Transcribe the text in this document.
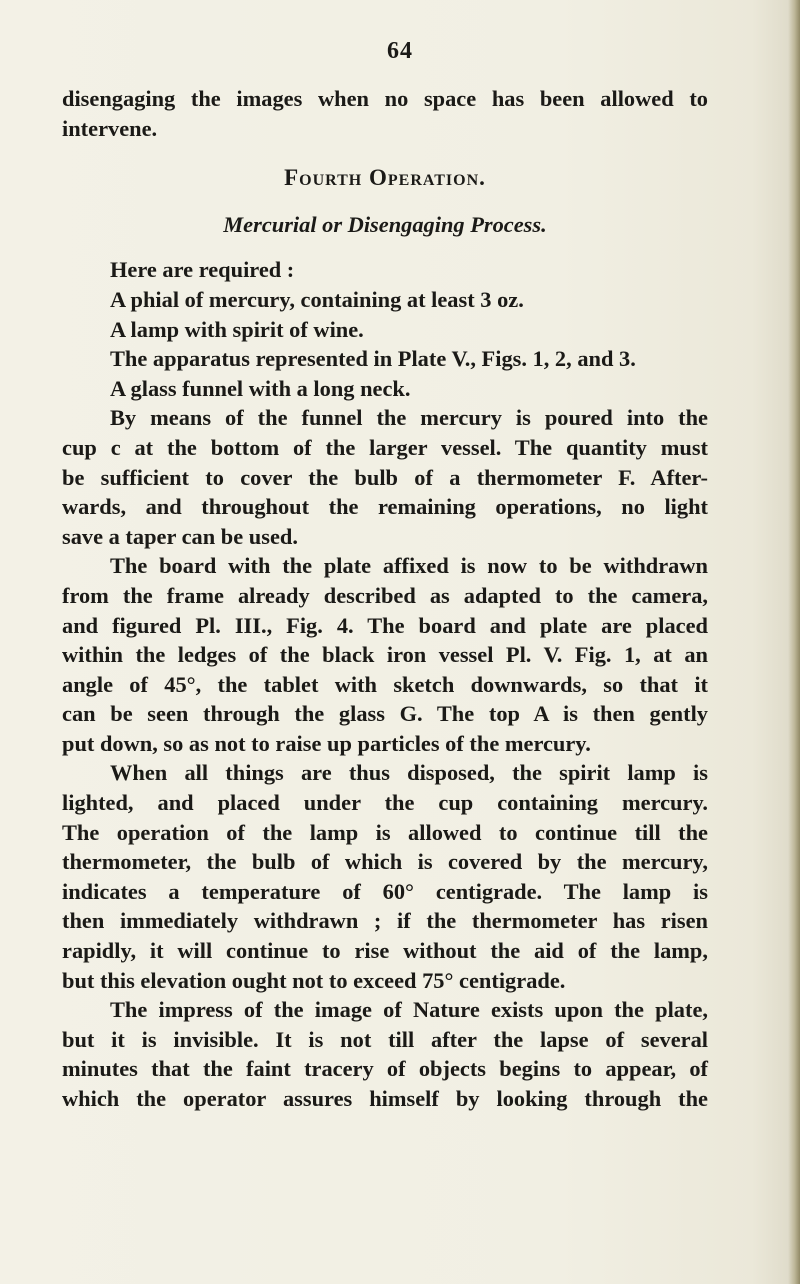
64
disengaging the images when no space has been allowed to
intervene.
Fourth Operation.
Mercurial or Disengaging Process.
Here are required :
A phial of mercury, containing at least 3 oz.
A lamp with spirit of wine.
The apparatus represented in Plate V., Figs. 1, 2, and 3.
A glass funnel with a long neck.
By means of the funnel the mercury is poured into the
cup c at the bottom of the larger vessel. The quantity must
be sufficient to cover the bulb of a thermometer F. After-
wards, and throughout the remaining operations, no light
save a taper can be used.
The board with the plate affixed is now to be withdrawn
from the frame already described as adapted to the camera,
and figured Pl. III., Fig. 4. The board and plate are placed
within the ledges of the black iron vessel Pl. V. Fig. 1, at an
angle of 45°, the tablet with sketch downwards, so that it
can be seen through the glass G. The top A is then gently
put down, so as not to raise up particles of the mercury.
When all things are thus disposed, the spirit lamp is
lighted, and placed under the cup containing mercury.
The operation of the lamp is allowed to continue till the
thermometer, the bulb of which is covered by the mercury,
indicates a temperature of 60° centigrade. The lamp is
then immediately withdrawn ; if the thermometer has risen
rapidly, it will continue to rise without the aid of the lamp,
but this elevation ought not to exceed 75° centigrade.
The impress of the image of Nature exists upon the plate,
but it is invisible. It is not till after the lapse of several
minutes that the faint tracery of objects begins to appear, of
which the operator assures himself by looking through the
